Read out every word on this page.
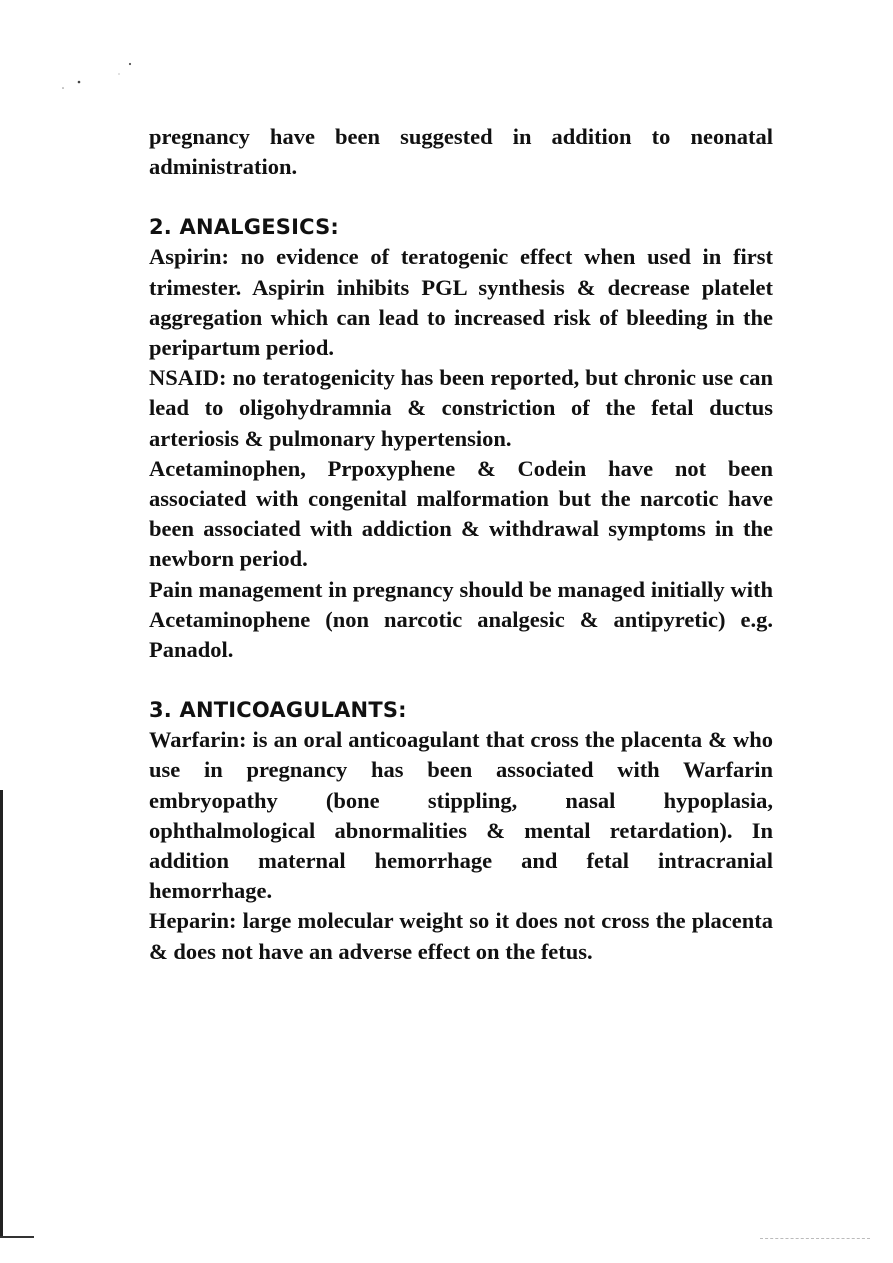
pregnancy have been suggested in addition to neonatal administration.

2. ANALGESICS:

Aspirin: no evidence of teratogenic effect when used in first trimester. Aspirin inhibits PGL synthesis & decrease platelet aggregation which can lead to increased risk of bleeding in the peripartum period.

NSAID: no teratogenicity has been reported, but chronic use can lead to oligohydramnia & constriction of the fetal ductus arteriosis & pulmonary hypertension.

Acetaminophen, Prpoxyphene & Codein have not been associated with congenital malformation but the narcotic have been associated with addiction & withdrawal symptoms in the newborn period.

Pain management in pregnancy should be managed initially with Acetaminophene (non narcotic analgesic & antipyretic) e.g. Panadol.

3. ANTICOAGULANTS:

Warfarin: is an oral anticoagulant that cross the placenta & who use in pregnancy has been associated with Warfarin embryopathy (bone stippling, nasal hypoplasia, ophthalmological abnormalities & mental retardation). In addition maternal hemorrhage and fetal intracranial hemorrhage.

Heparin: large molecular weight so it does not cross the placenta & does not have an adverse effect on the fetus.
